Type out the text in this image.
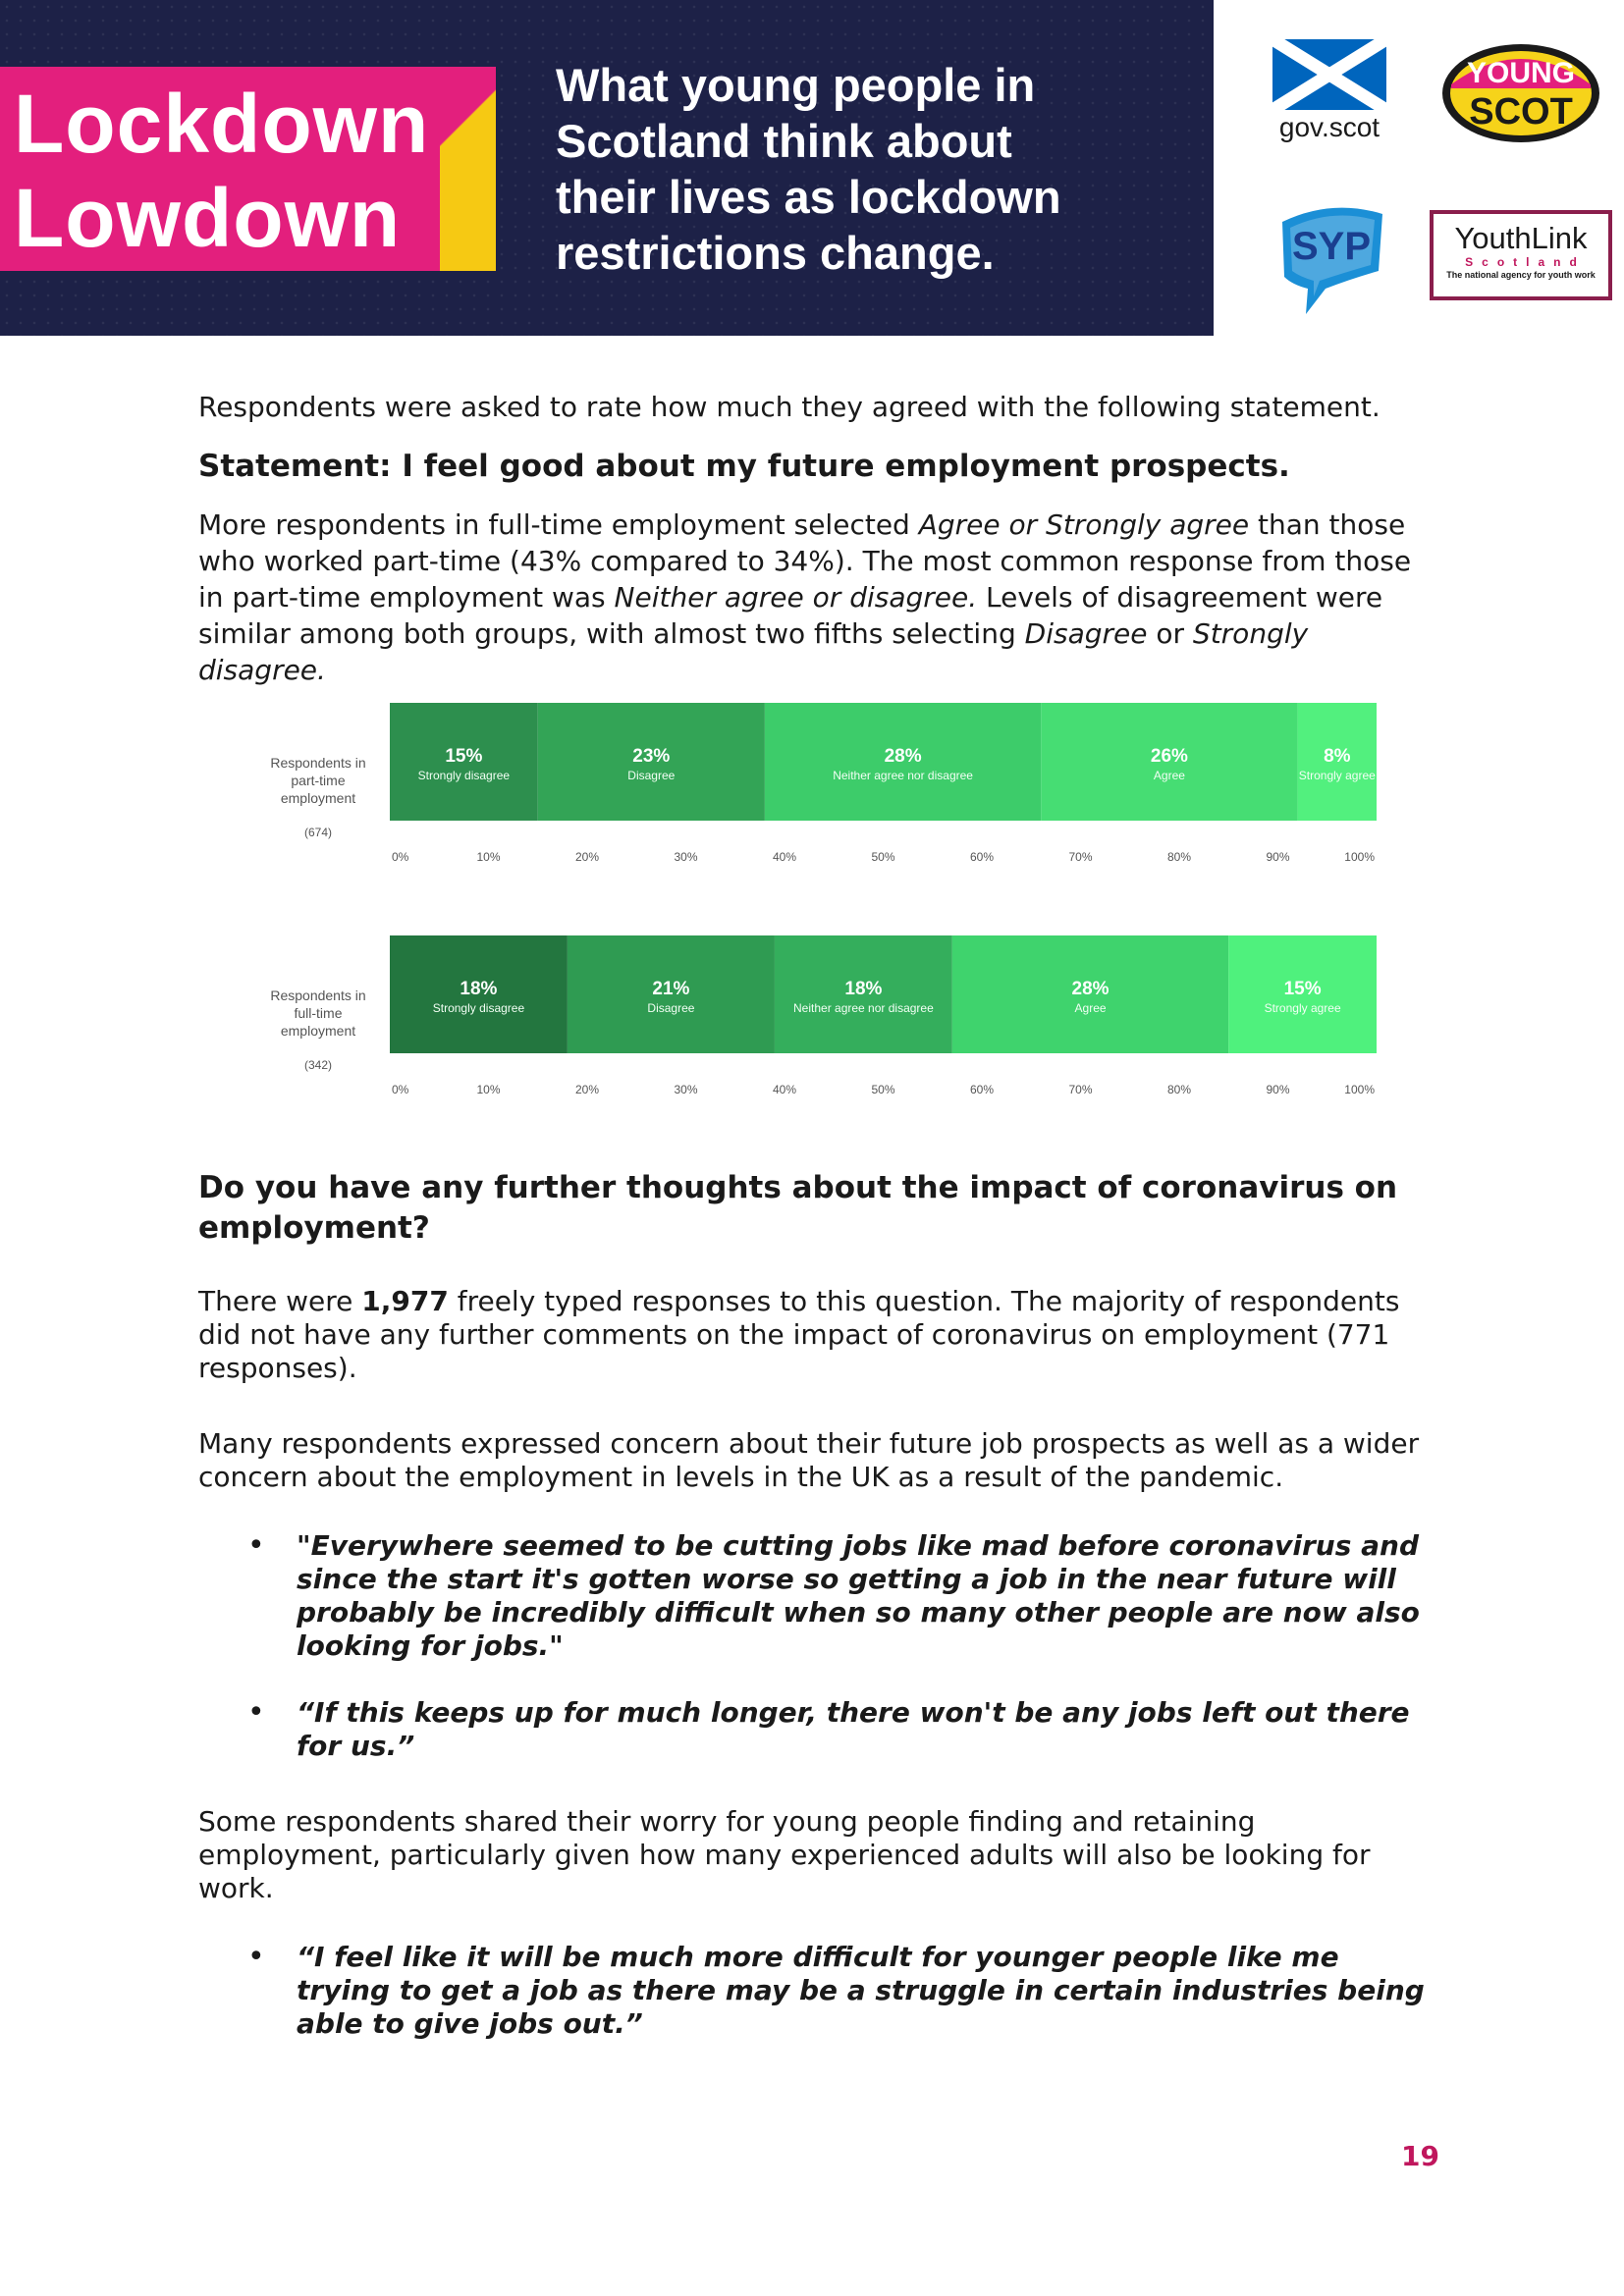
Lockdown
Lowdown
What young people in
Scotland think about
their lives as lockdown
restrictions change.
gov.scot
YOUNG
SCOT
SYP	YouthLink
Scotland
The national agency for youth work

Respondents were asked to rate how much they agreed with the following statement.

Statement: I feel good about my future employment prospects.

More respondents in full-time employment selected Agree or Strongly agree than those who worked part-time (43% compared to 34%). The most common response from those in part-time employment was Neither agree or disagree. Levels of disagreement were similar among both groups, with almost two fifths selecting Disagree or Strongly disagree.

Respondents in
part-time
employment
(674)
15%
Strongly disagree
23%
Disagree
28%
Neither agree nor disagree
26%
Agree
8%
Strongly agree
0%	10%	20%	30%	40%	50%	60%	70%	80%	90%	100%
Respondents in
full-time
employment
(342)
18%
Strongly disagree
21%
Disagree
18%
Neither agree nor disagree
28%
Agree
15%
Strongly agree
0%	10%	20%	30%	40%	50%	60%	70%	80%	90%	100%

Do you have any further thoughts about the impact of coronavirus on employment?

There were 1,977 freely typed responses to this question. The majority of respondents did not have any further comments on the impact of coronavirus on employment (771 responses).

Many respondents expressed concern about their future job prospects as well as a wider concern about the employment in levels in the UK as a result of the pandemic.

• "Everywhere seemed to be cutting jobs like mad before coronavirus and since the start it's gotten worse so getting a job in the near future will probably be incredibly difficult when so many other people are now also looking for jobs."
• “If this keeps up for much longer, there won't be any jobs left out there for us.”

Some respondents shared their worry for young people finding and retaining employment, particularly given how many experienced adults will also be looking for work.

• “I feel like it will be much more difficult for younger people like me trying to get a job as there may be a struggle in certain industries being able to give jobs out.”
19
